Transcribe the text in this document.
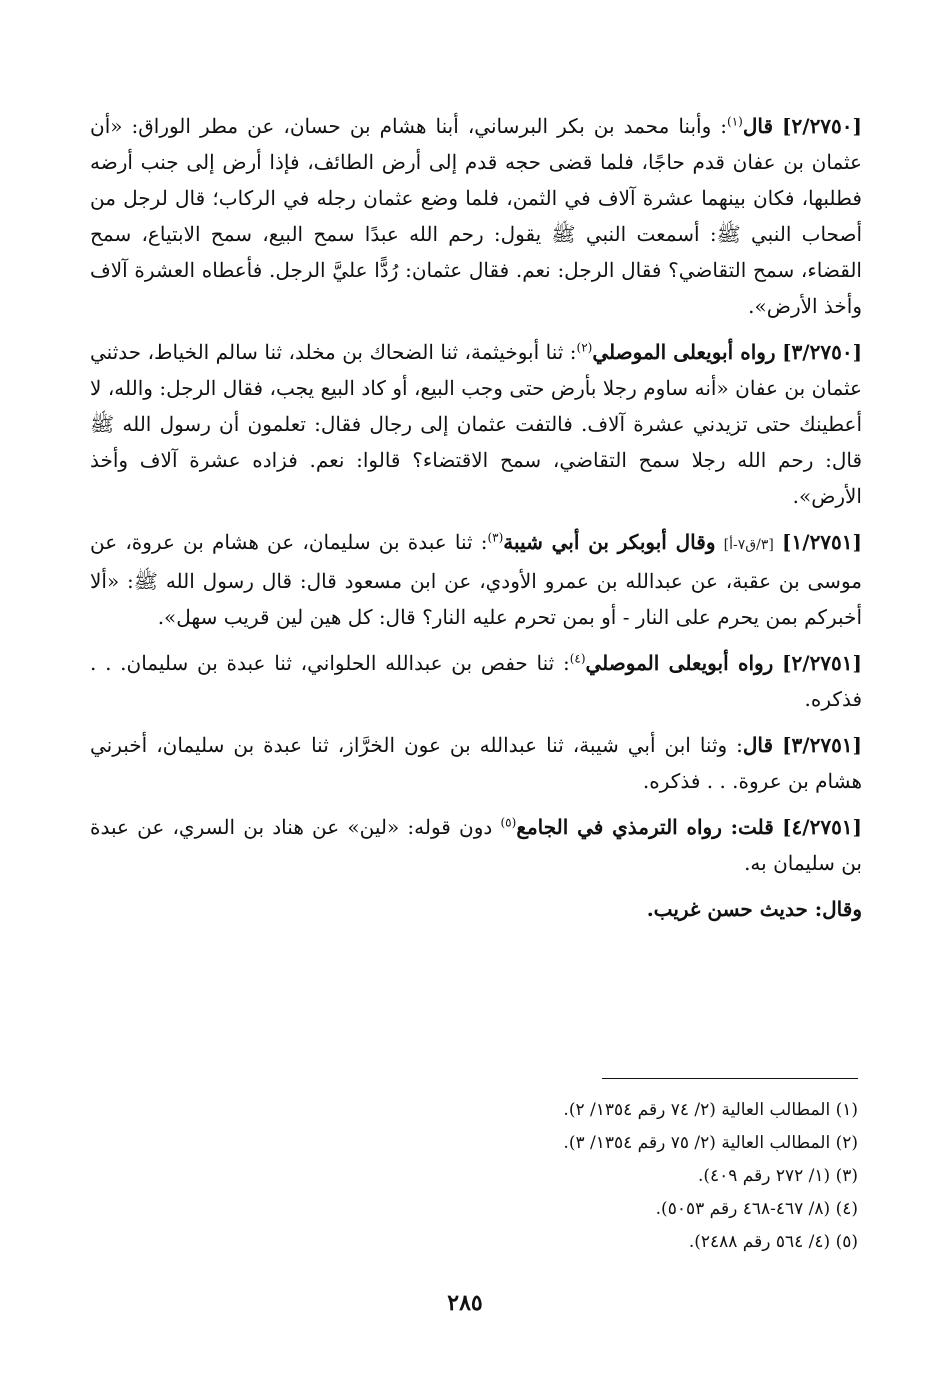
[٢/٢٧٥٠] قال$^{(١)}$: وأبنا محمد بن بكر البرساني، أبنا هشام بن حسان، عن مطر الوراق: «أن عثمان بن عفان قدم حاجًا، فلما قضى حجه قدم إلى أرض الطائف، فإذا أرض إلى جنب أرضه فطلبها، فكان بينهما عشرة آلاف في الثمن، فلما وضع عثمان رجله في الركاب؛ قال لرجل من أصحاب النبي ﷺ: أسمعت النبي ﷺ يقول: رحم الله عبدًا سمح البيع، سمح الابتياع، سمح القضاء، سمح التقاضي؟ فقال الرجل: نعم. فقال عثمان: رُدًّا عليَّ الرجل. فأعطاه العشرة آلاف وأخذ الأرض».

[٣/٢٧٥٠] رواه أبويعلى الموصلي$^{(٢)}$: ثنا أبوخيثمة، ثنا الضحاك بن مخلد، ثنا سالم الخياط، حدثني عثمان بن عفان «أنه ساوم رجلا بأرض حتى وجب البيع، أو كاد البيع يجب، فقال الرجل: والله، لا أعطينك حتى تزيدني عشرة آلاف. فالتفت عثمان إلى رجال فقال: تعلمون أن رسول الله ﷺ قال: رحم الله رجلا سمح التقاضي، سمح الاقتضاء؟ قالوا: نعم. فزاده عشرة آلاف وأخذ الأرض».

[١/٢٧٥١] [٣/ق٧-أ] وقال أبوبكر بن أبي شيبة$^{(٣)}$: ثنا عبدة بن سليمان، عن هشام بن عروة، عن موسى بن عقبة، عن عبدالله بن عمرو الأودي، عن ابن مسعود قال: قال رسول الله ﷺ: «ألا أخبركم بمن يحرم على النار - أو بمن تحرم عليه النار؟ قال: كل هين لين قريب سهل».

[٢/٢٧٥١] رواه أبويعلى الموصلي$^{(٤)}$: ثنا حفص بن عبدالله الحلواني، ثنا عبدة بن سليمان. . . فذكره.

[٣/٢٧٥١] قال: وثنا ابن أبي شيبة، ثنا عبدالله بن عون الخرَّاز، ثنا عبدة بن سليمان، أخبرني هشام بن عروة. . . فذكره.

[٤/٢٧٥١] قلت: رواه الترمذي في الجامع$^{(٥)}$ دون قوله: «لين» عن هناد بن السري، عن عبدة بن سليمان به.

وقال: حديث حسن غريب.

(١) المطالب العالية (٢/ ٧٤ رقم ١٣٥٤/ ٢).

(٢) المطالب العالية (٢/ ٧٥ رقم ١٣٥٤/ ٣).

(٣) (١/ ٢٧٢ رقم ٤٠٩).

(٤) (٨/ ٤٦٧-٤٦٨ رقم ٥٠٥٣).

(٥) (٤/ ٥٦٤ رقم ٢٤٨٨).

٢٨٥
